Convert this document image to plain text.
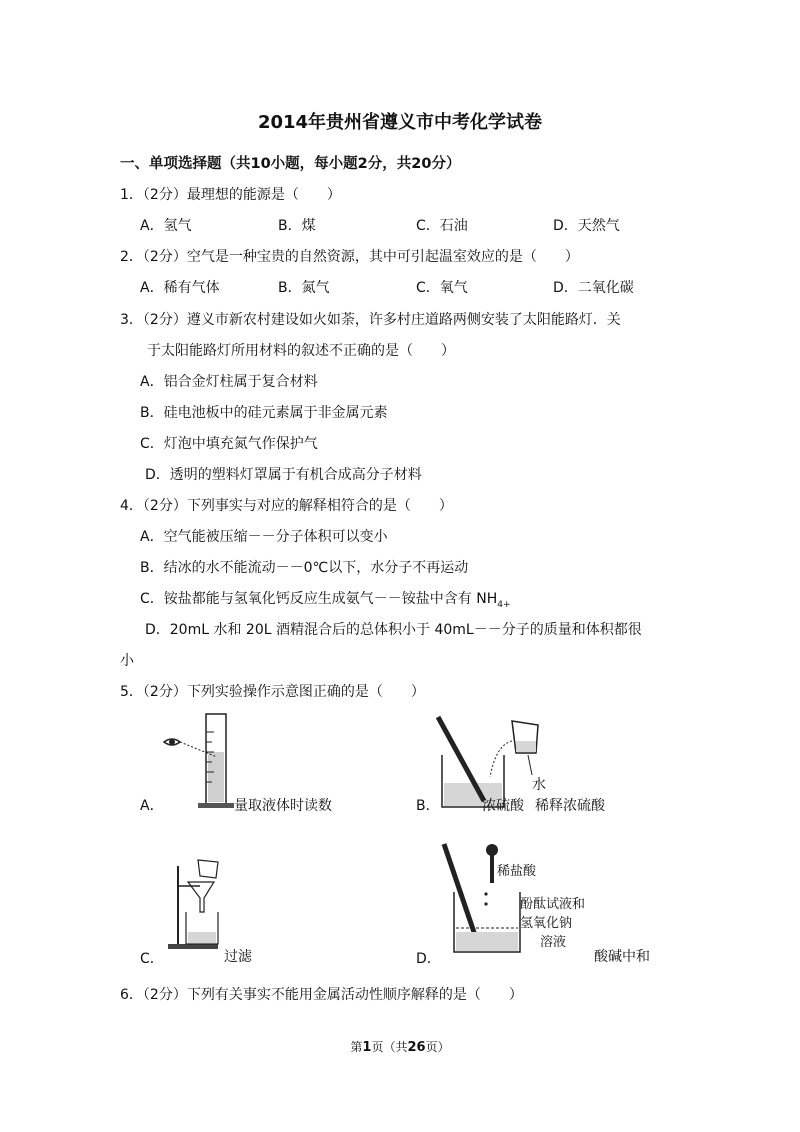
2014年贵州省遵义市中考化学试卷
一、单项选择题（共10小题，每小题2分，共20分）
1．（2分）最理想的能源是（　　）
A．氢气	B．煤	C．石油	D．天然气
2．（2分）空气是一种宝贵的自然资源，其中可引起温室效应的是（　　）
A．稀有气体	B．氮气	C．氧气	D．二氧化碳
3．（2分）遵义市新农村建设如火如荼，许多村庄道路两侧安装了太阳能路灯．关
于太阳能路灯所用材料的叙述不正确的是（　　）
A．铝合金灯柱属于复合材料
B．硅电池板中的硅元素属于非金属元素
C．灯泡中填充氮气作保护气
D．透明的塑料灯罩属于有机合成高分子材料
4．（2分）下列事实与对应的解释相符合的是（　　）
A．空气能被压缩－－分子体积可以变小
B．结冰的水不能流动－－0℃以下，水分子不再运动
C．铵盐都能与氢氧化钙反应生成氨气－－铵盐中含有 $NH_{4+}$
D．20mL 水和 20L 酒精混合后的总体积小于 40mL－－分子的质量和体积都很
小
5．（2分）下列实验操作示意图正确的是（　　）
A．	量取液体时读数	B．
水
浓硫酸 稀释浓硫酸
C．	过滤	D．
稀盐酸
酚酞试液和
氢氧化钠
溶液
酸碱中和
6．（2分）下列有关事实不能用金属活动性顺序解释的是（　　）
第1页（共26页）
